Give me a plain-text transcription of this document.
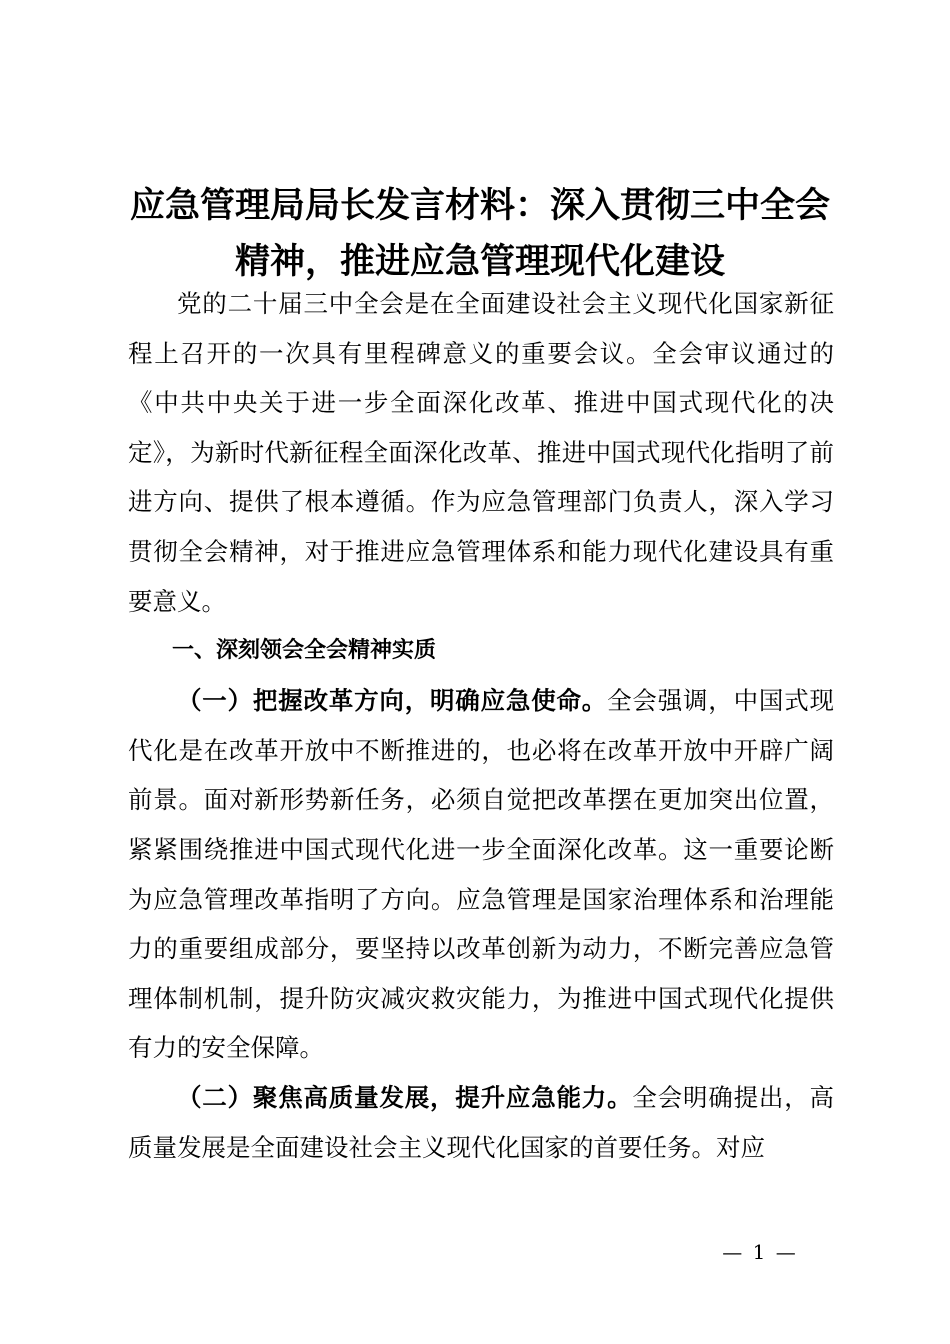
应急管理局局长发言材料：深入贯彻三中全会
精神，推进应急管理现代化建设

党的二十届三中全会是在全面建设社会主义现代化国家新征程上召开的一次具有里程碑意义的重要会议。全会审议通过的《中共中央关于进一步全面深化改革、推进中国式现代化的决定》，为新时代新征程全面深化改革、推进中国式现代化指明了前进方向、提供了根本遵循。作为应急管理部门负责人，深入学习贯彻全会精神，对于推进应急管理体系和能力现代化建设具有重要意义。

一、深刻领会全会精神实质

（一）把握改革方向，明确应急使命。全会强调，中国式现代化是在改革开放中不断推进的，也必将在改革开放中开辟广阔前景。面对新形势新任务，必须自觉把改革摆在更加突出位置，紧紧围绕推进中国式现代化进一步全面深化改革。这一重要论断为应急管理改革指明了方向。应急管理是国家治理体系和治理能力的重要组成部分，要坚持以改革创新为动力，不断完善应急管理体制机制，提升防灾减灾救灾能力，为推进中国式现代化提供有力的安全保障。

（二）聚焦高质量发展，提升应急能力。全会明确提出，高质量发展是全面建设社会主义现代化国家的首要任务。对应

— 1 —
